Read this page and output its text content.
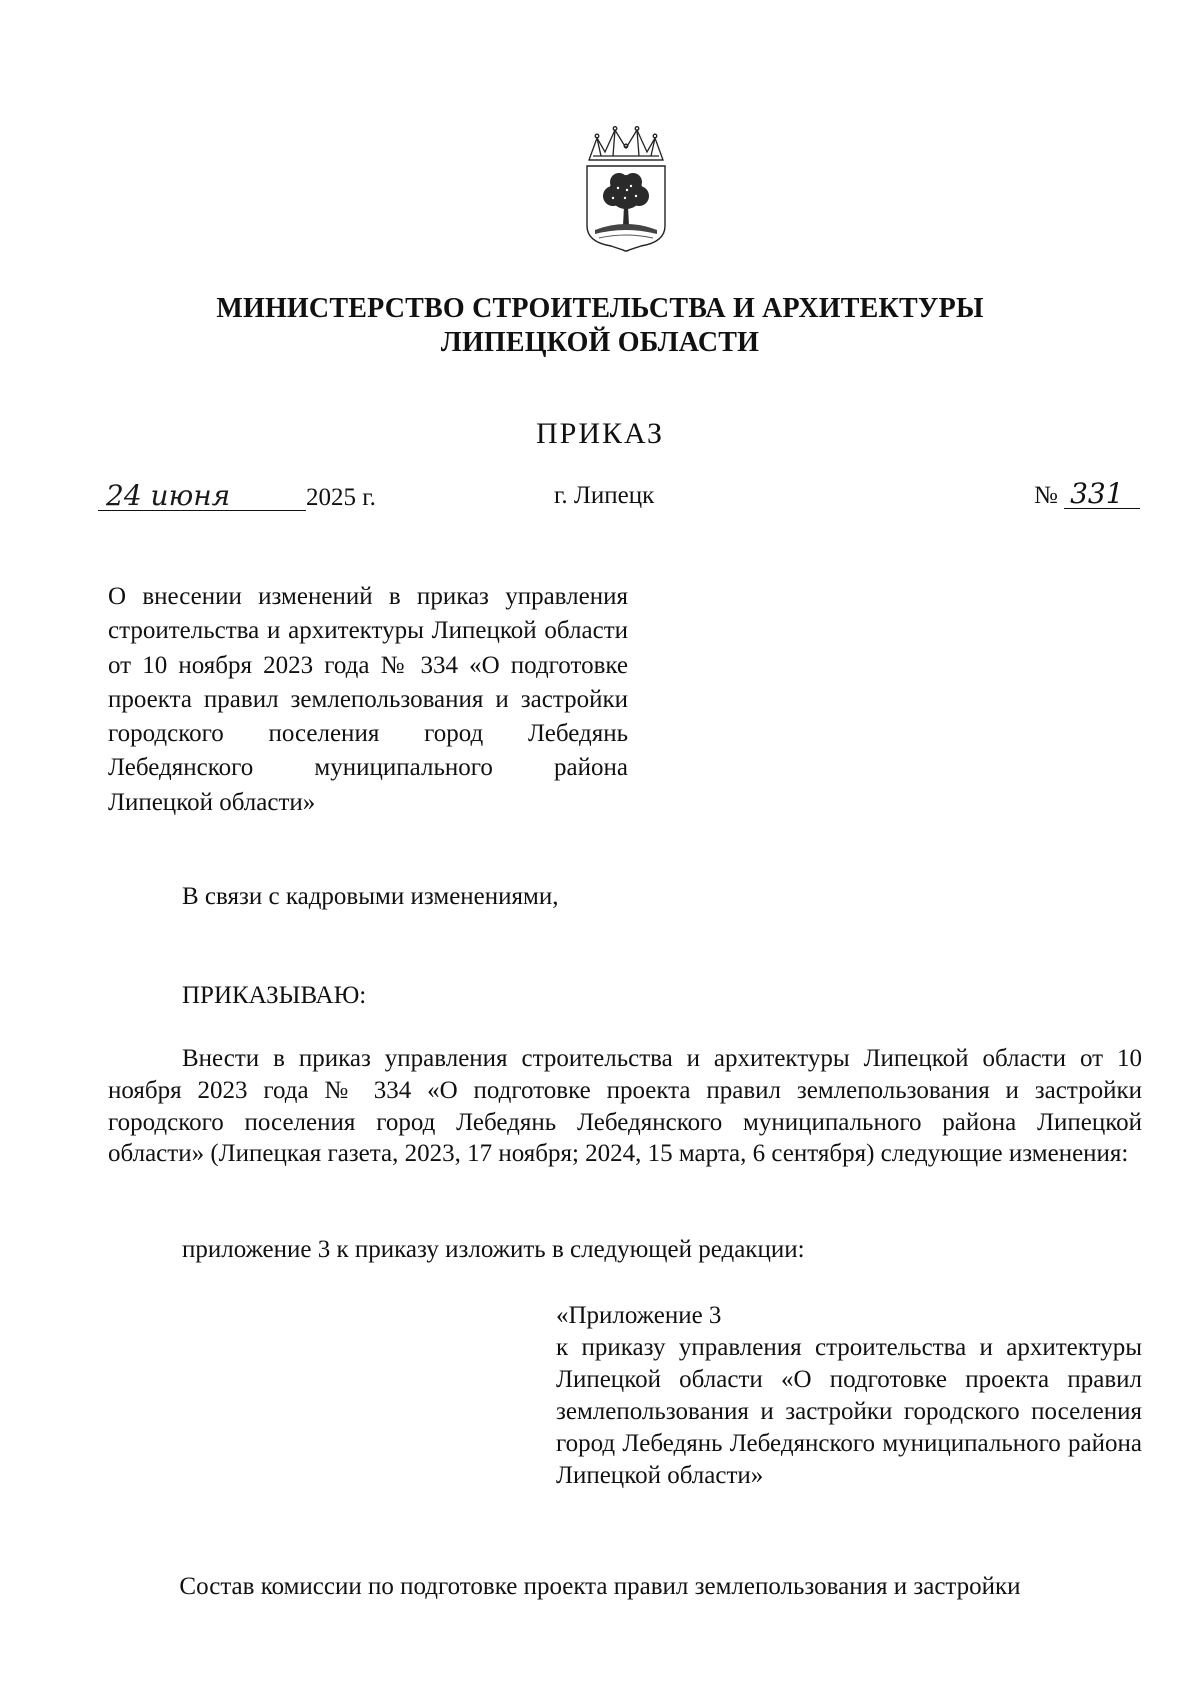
МИНИСТЕРСТВО СТРОИТЕЛЬСТВА И АРХИТЕКТУРЫ
ЛИПЕЦКОЙ ОБЛАСТИ
ПРИКАЗ
24 июня	2025 г.	г. Липецк	№ 331
О внесении изменений в приказ управления строительства и архитектуры Липецкой области от 10 ноября 2023 года № 334 «О подготовке проекта правил землепользования и застройки городского поселения город Лебедянь Лебедянского муниципального района Липецкой области»
В связи с кадровыми изменениями,
ПРИКАЗЫВАЮ:
Внести в приказ управления строительства и архитектуры Липецкой области от 10 ноября 2023 года № 334 «О подготовке проекта правил землепользования и застройки городского поселения город Лебедянь Лебедянского муниципального района Липецкой области» (Липецкая газета, 2023, 17 ноября; 2024, 15 марта, 6 сентября) следующие изменения:
приложение 3 к приказу изложить в следующей редакции:
«Приложение 3
к приказу управления строительства и архитектуры Липецкой области «О подготовке проекта правил землепользования и застройки городского поселения город Лебедянь Лебедянского муниципального района Липецкой области»
Состав комиссии по подготовке проекта правил землепользования и застройки
